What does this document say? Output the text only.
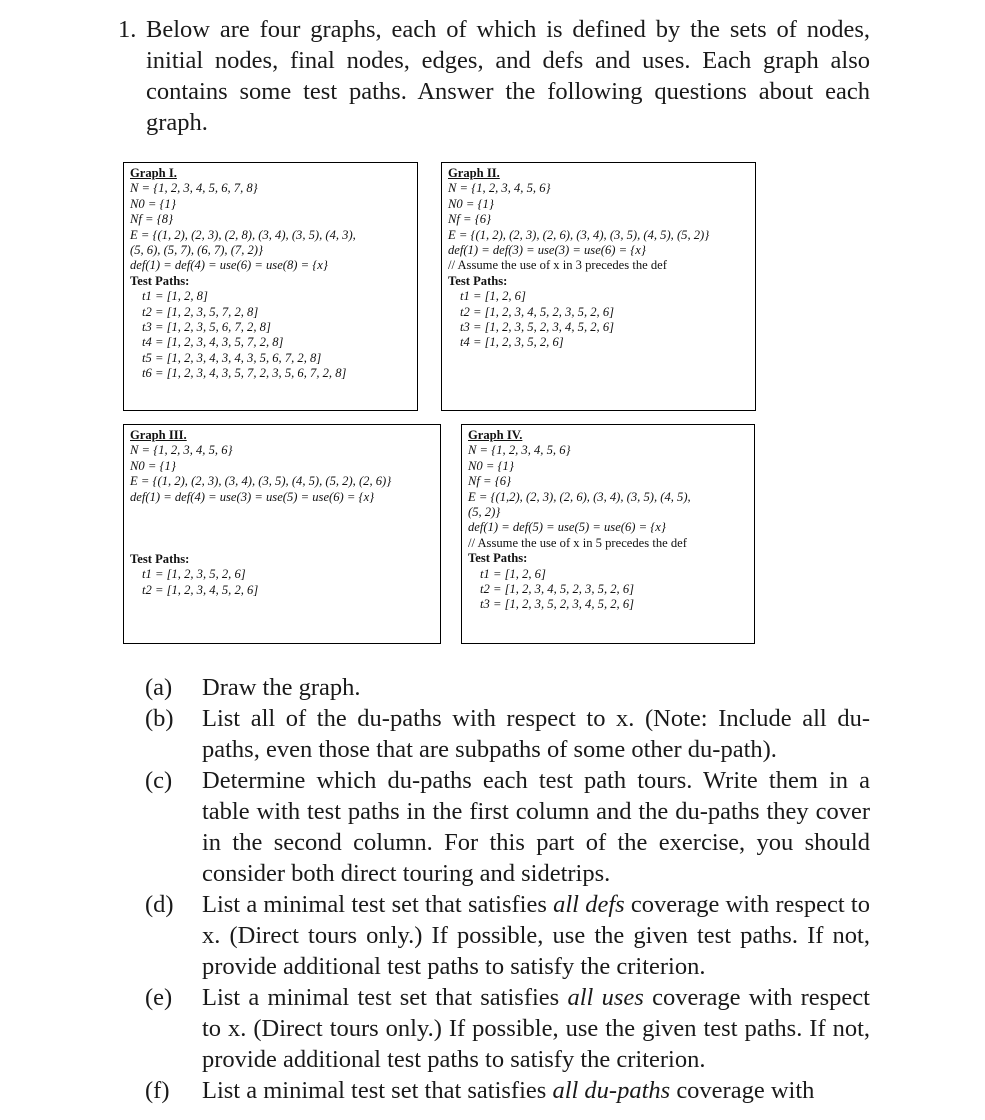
1. Below are four graphs, each of which is defined by the sets of nodes, initial nodes, final nodes, edges, and defs and uses. Each graph also contains some test paths. Answer the following questions about each graph.
Graph I.
N = {1, 2, 3, 4, 5, 6, 7, 8}
N0 = {1}
Nf = {8}
E = {(1, 2), (2, 3), (2, 8), (3, 4), (3, 5), (4, 3),
(5, 6), (5, 7), (6, 7), (7, 2)}
def(1) = def(4) = use(6) = use(8) = {x}
Test Paths:
t1 = [1, 2, 8]
t2 = [1, 2, 3, 5, 7, 2, 8]
t3 = [1, 2, 3, 5, 6, 7, 2, 8]
t4 = [1, 2, 3, 4, 3, 5, 7, 2, 8]
t5 = [1, 2, 3, 4, 3, 4, 3, 5, 6, 7, 2, 8]
t6 = [1, 2, 3, 4, 3, 5, 7, 2, 3, 5, 6, 7, 2, 8]
Graph II.
N = {1, 2, 3, 4, 5, 6}
N0 = {1}
Nf = {6}
E = {(1, 2), (2, 3), (2, 6), (3, 4), (3, 5), (4, 5), (5, 2)}
def(1) = def(3) = use(3) = use(6) = {x}
// Assume the use of x in 3 precedes the def
Test Paths:
t1 = [1, 2, 6]
t2 = [1, 2, 3, 4, 5, 2, 3, 5, 2, 6]
t3 = [1, 2, 3, 5, 2, 3, 4, 5, 2, 6]
t4 = [1, 2, 3, 5, 2, 6]
Graph III.
N = {1, 2, 3, 4, 5, 6}
N0 = {1}
E = {(1, 2), (2, 3), (3, 4), (3, 5), (4, 5), (5, 2), (2, 6)}
def(1) = def(4) = use(3) = use(5) = use(6) = {x}
Test Paths:
t1 = [1, 2, 3, 5, 2, 6]
t2 = [1, 2, 3, 4, 5, 2, 6]
Graph IV.
N = {1, 2, 3, 4, 5, 6}
N0 = {1}
Nf = {6}
E = {(1,2), (2, 3), (2, 6), (3, 4), (3, 5), (4, 5),
(5, 2)}
def(1) = def(5) = use(5) = use(6) = {x}
// Assume the use of x in 5 precedes the def
Test Paths:
t1 = [1, 2, 6]
t2 = [1, 2, 3, 4, 5, 2, 3, 5, 2, 6]
t3 = [1, 2, 3, 5, 2, 3, 4, 5, 2, 6]
(a) Draw the graph.
(b) List all of the du-paths with respect to x. (Note: Include all du-paths, even those that are subpaths of some other du-path).
(c) Determine which du-paths each test path tours. Write them in a table with test paths in the first column and the du-paths they cover in the second column. For this part of the exercise, you should consider both direct touring and sidetrips.
(d) List a minimal test set that satisfies all defs coverage with respect to x. (Direct tours only.) If possible, use the given test paths. If not, provide additional test paths to satisfy the criterion.
(e) List a minimal test set that satisfies all uses coverage with respect to x. (Direct tours only.) If possible, use the given test paths. If not, provide additional test paths to satisfy the criterion.
(f) List a minimal test set that satisfies all du-paths coverage with
